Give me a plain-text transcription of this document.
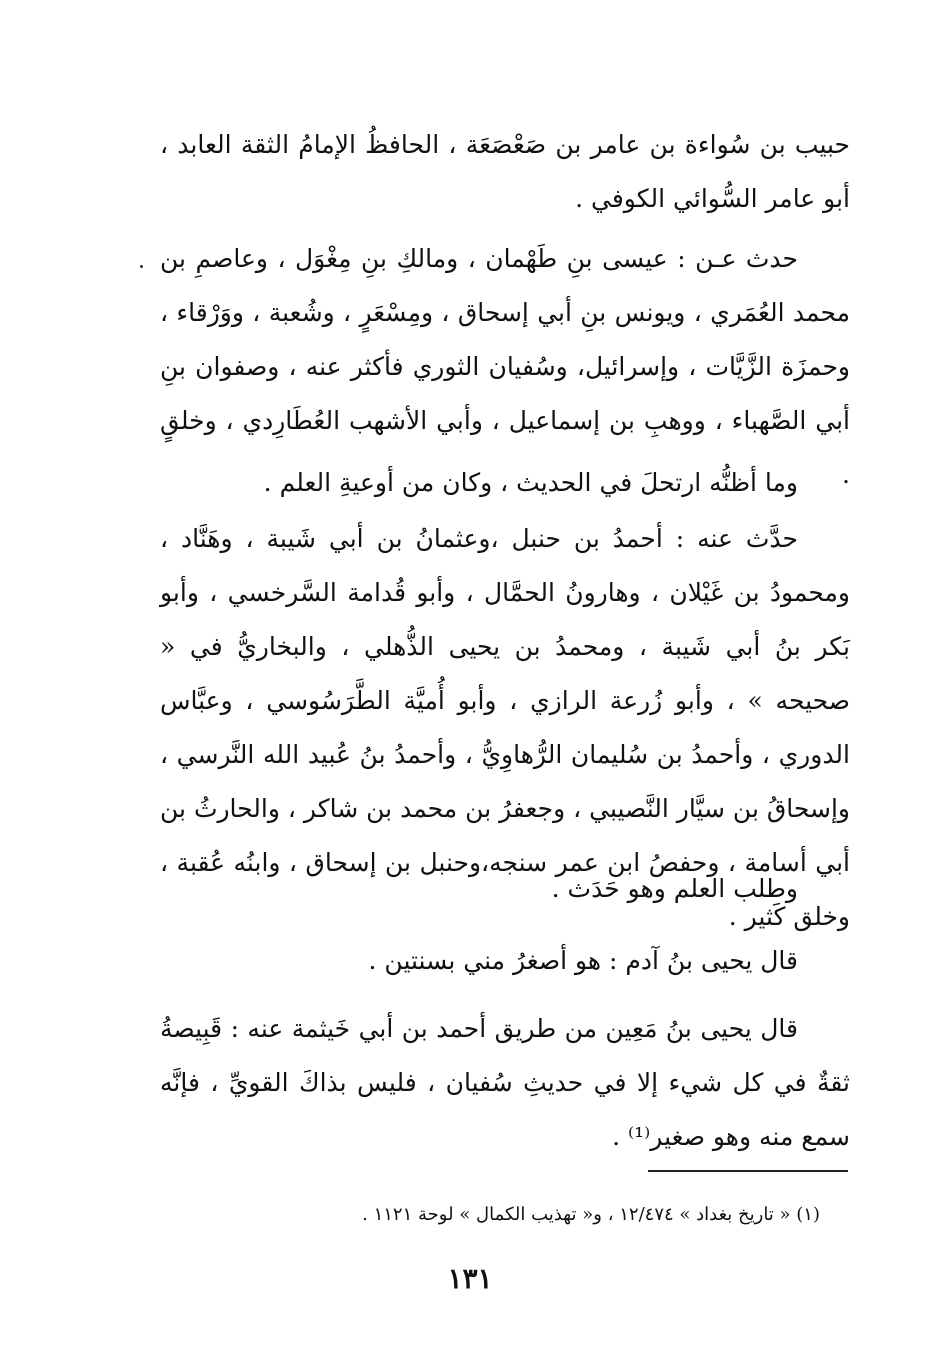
حبيب بن سُواءة بن عامر بن صَعْصَعَة ، الحافظُ الإمامُ الثقة العابد ، أبو عامر السُّوائي الكوفي .

حدث عـن : عيسى بنِ طَهْمان ، ومالكِ بنِ مِغْوَل ، وعاصمِ بن محمد العُمَري ، ويونس بنِ أبي إسحاق ، ومِسْعَرٍ ، وشُعبة ، ووَرْقاء ، وحمزَة الزَّيَّات ، وإسرائيل، وسُفيان الثوري فأكثر عنه ، وصفوان بنِ أبي الصَّهباء ، ووهبِ بن إسماعيل ، وأبي الأشهب العُطَارِدي ، وخلقٍ .

وما أظنُّه ارتحلَ في الحديث ، وكان من أوعيةِ العلم .

حدَّث عنه : أحمدُ بن حنبل ،وعثمانُ بن أبي شَيبة ، وهَنَّاد ، ومحمودُ بن غَيْلان ، وهارونُ الحمَّال ، وأبو قُدامة السَّرخسي ، وأبو بَكر بنُ أبي شَيبة ، ومحمدُ بن يحيى الذُّهلي ، والبخاريُّ في « صحيحه » ، وأبو زُرعة الرازي ، وأبو أُميَّة الطَّرَسُوسي ، وعبَّاس الدوري ، وأحمدُ بن سُليمان الرُّهاوِيُّ ، وأحمدُ بنُ عُبيد الله النَّرسي ، وإسحاقُ بن سيَّار النَّصيبي ، وجعفرُ بن محمد بن شاكر ، والحارثُ بن أبي أسامة ، وحفصُ ابن عمر سنجه،وحنبل بن إسحاق ، وابنُه عُقبة ، وخلق كَثير .

وطلب العلم وهو حَدَث .

قال يحيى بنُ آدم : هو أصغرُ مني بسنتين .

قال يحيى بنُ مَعِين من طريق أحمد بن أبي خَيثمة عنه : قَبِيصةُ ثقةٌ في كل شيء إلا في حديثِ سُفيان ، فليس بذاكَ القويِّ ، فإنَّه سمع منه وهو صغير⁽¹⁾ .

(١) « تاريخ بغداد » ١٢/٤٧٤ ، و« تهذيب الكمال » لوحة ١١٢١ .
١٣١
